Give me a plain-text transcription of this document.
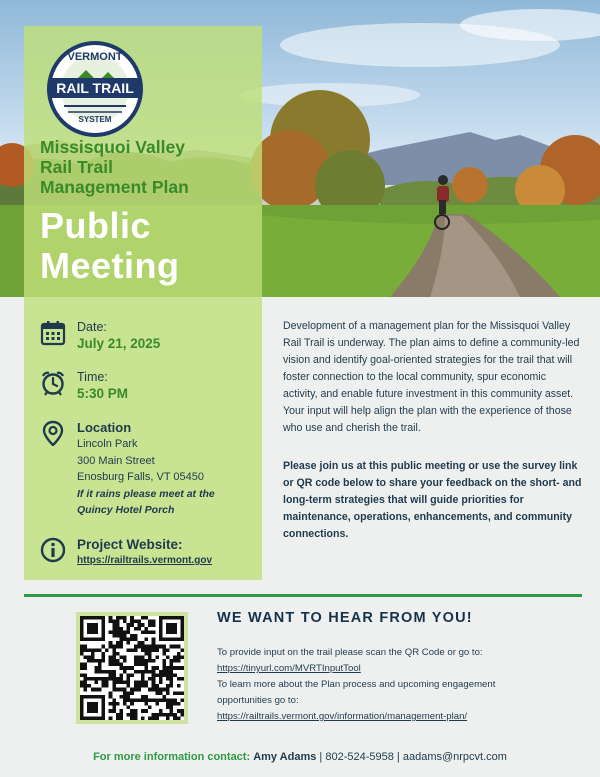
RAIL TRAIL
VERMONT
SYSTEM
Missisquoi Valley
Rail Trail
Management Plan
Public
Meeting
Date:
July 21, 2025
Time:
5:30 PM
Location
Lincoln Park
300 Main Street
Enosburg Falls, VT 05450
If it rains please meet at the
Quincy Hotel Porch
Project Website:
https://railtrails.vermont.gov
Development of a management plan for the Missisquoi Valley Rail Trail is underway. The plan aims to define a community-led vision and identify goal-oriented strategies for the trail that will foster connection to the local community, spur economic activity, and enable future investment in this community asset. Your input will help align the plan with the experience of those who use and cherish the trail.
Please join us at this public meeting or use the survey link or QR code below to share your feedback on the short- and long-term strategies that will guide priorities for maintenance, operations, enhancements, and community connections.
WE WANT TO HEAR FROM YOU!
To provide input on the trail please scan the QR Code or go to:
https://tinyurl.com/MVRTInputTool
To learn more about the Plan process and upcoming engagement
opportunities go to:
https://railtrails.vermont.gov/information/management-plan/
For more information contact: Amy Adams | 802-524-5958 | aadams@nrpcvt.com
